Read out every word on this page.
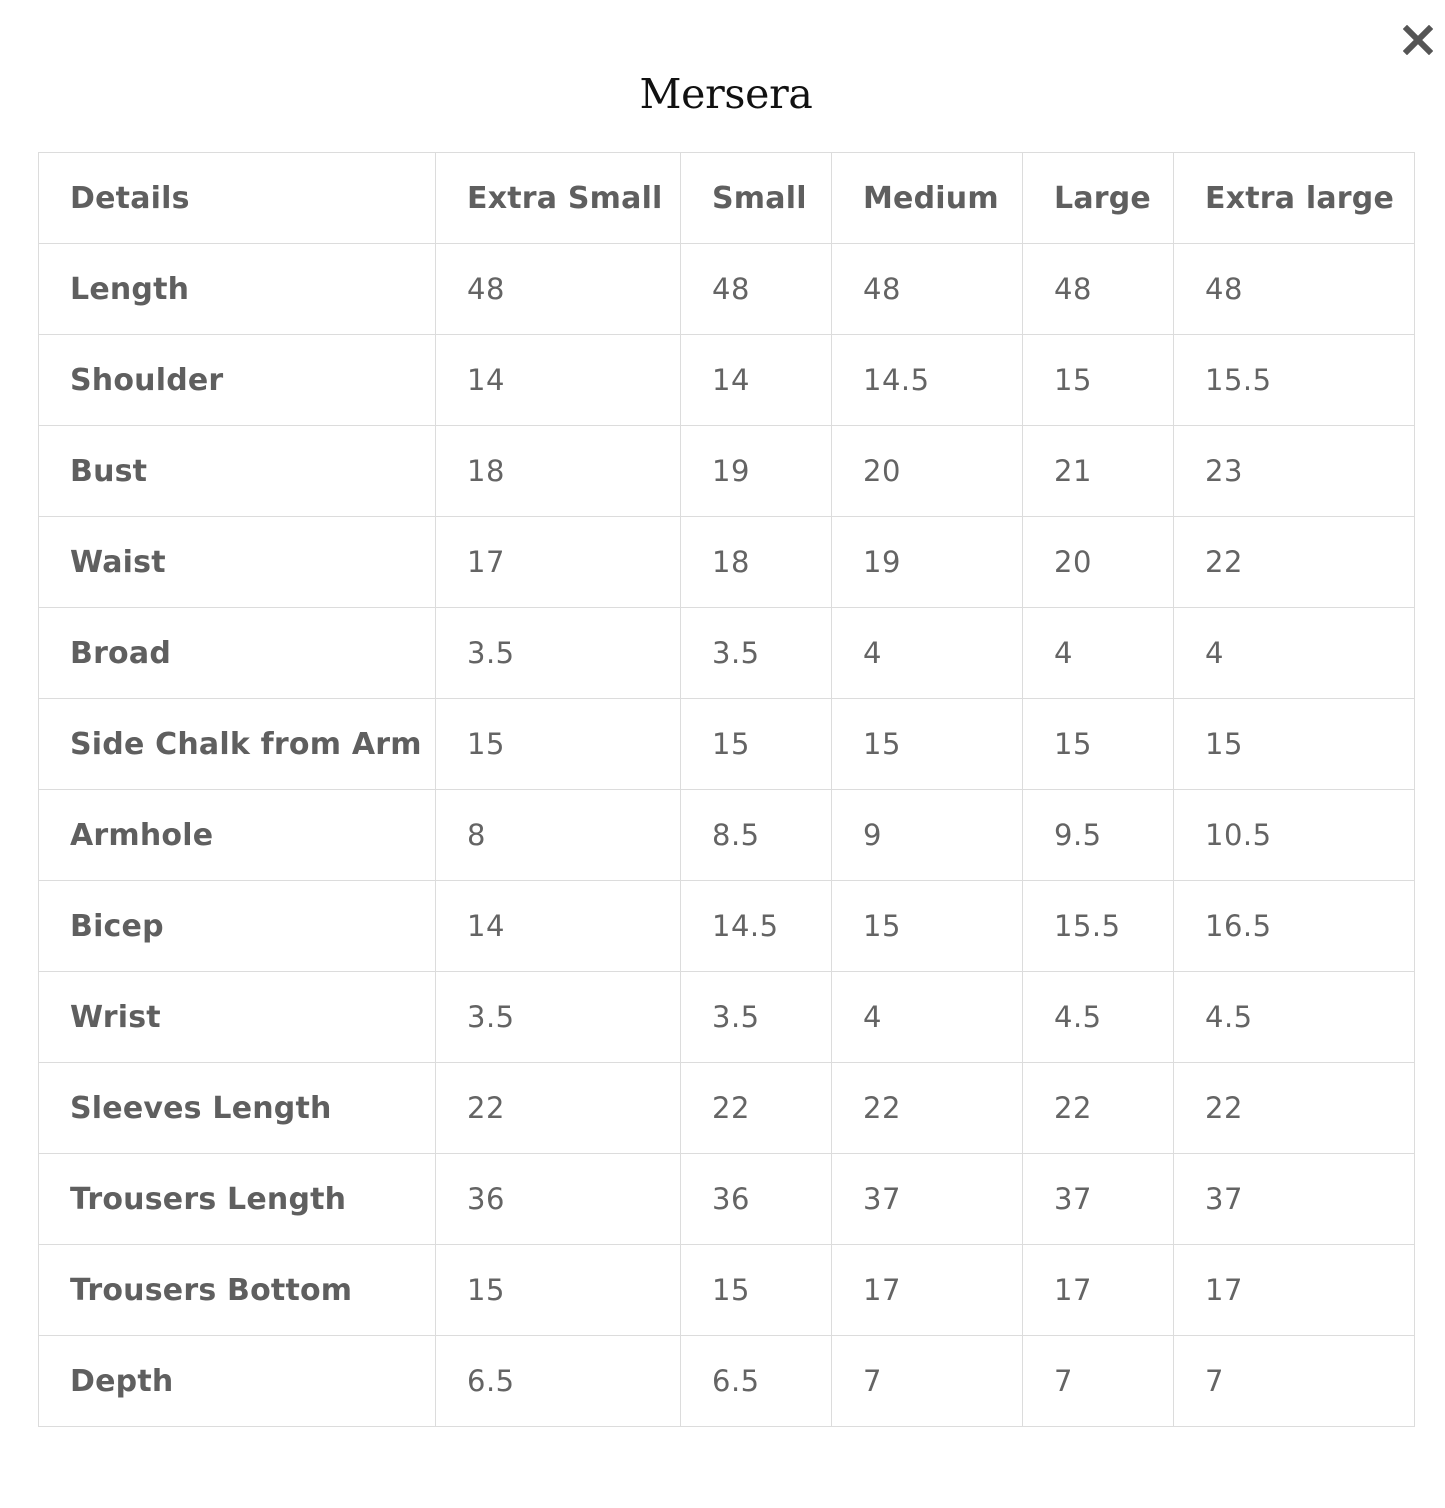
Mersera
Details	Extra Small	Small	Medium	Large	Extra large
Length	48	48	48	48	48
Shoulder	14	14	14.5	15	15.5
Bust	18	19	20	21	23
Waist	17	18	19	20	22
Broad	3.5	3.5	4	4	4
Side Chalk from Arm	15	15	15	15	15
Armhole	8	8.5	9	9.5	10.5
Bicep	14	14.5	15	15.5	16.5
Wrist	3.5	3.5	4	4.5	4.5
Sleeves Length	22	22	22	22	22
Trousers Length	36	36	37	37	37
Trousers Bottom	15	15	17	17	17
Depth	6.5	6.5	7	7	7
